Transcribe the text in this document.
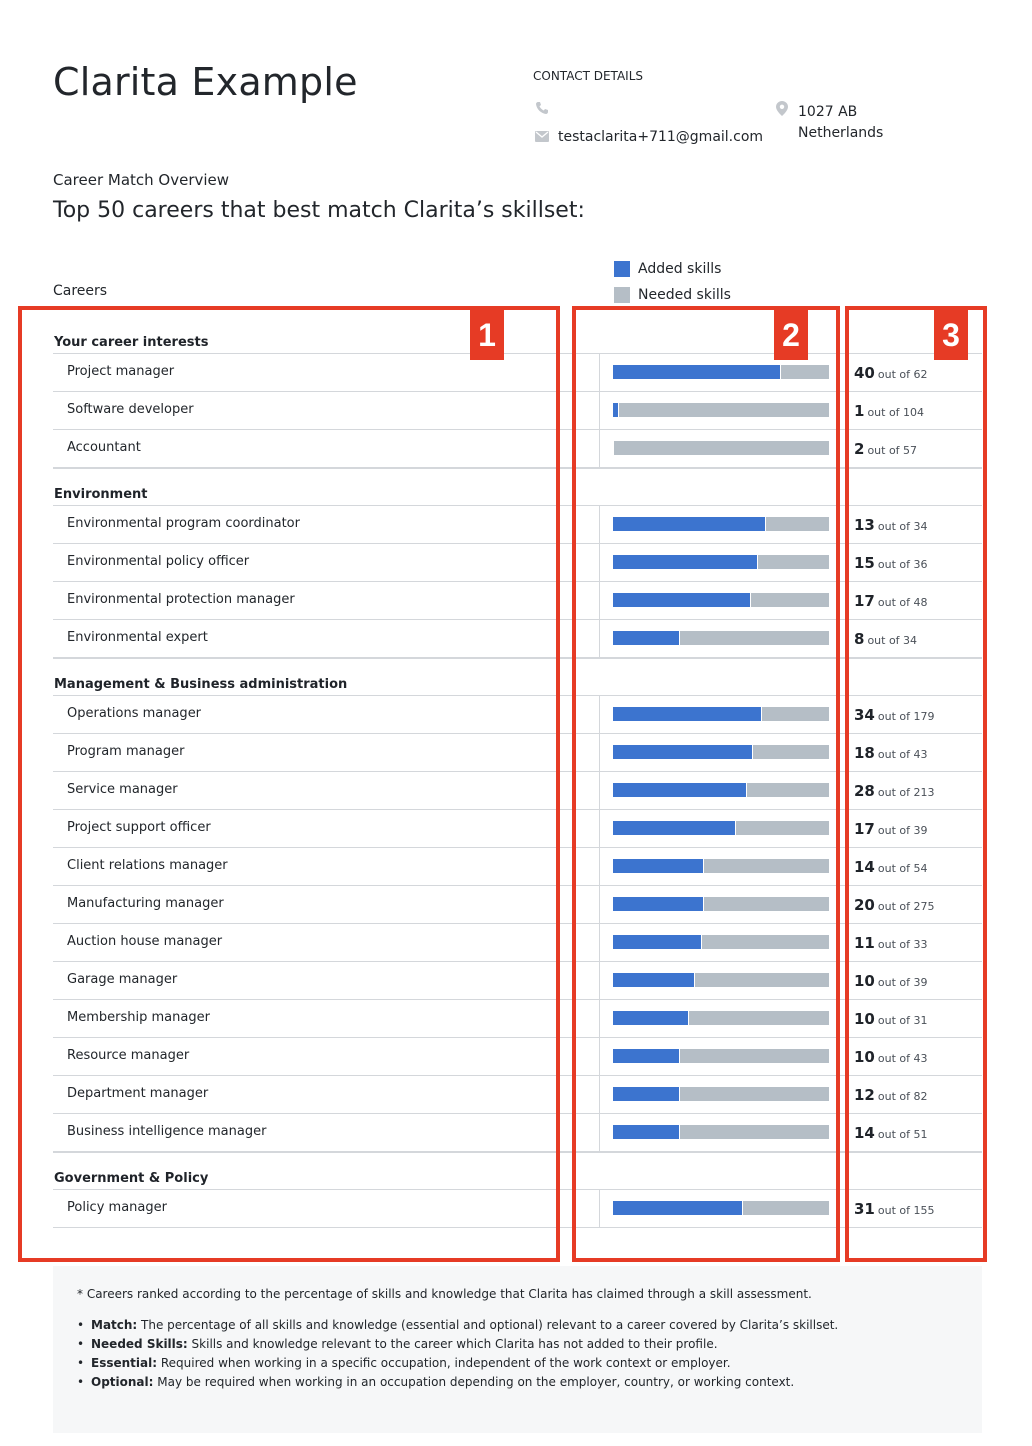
Clarita Example	CONTACT DETAILS
testaclarita+711@gmail.com
1027 AB
Netherlands
Career Match Overview
Top 50 careers that best match Clarita’s skillset:
Added skills
Needed skills
Careers
Your career interests
Project manager	40 out of 62
Software developer	1 out of 104
Accountant	2 out of 57
Environment
Environmental program coordinator	13 out of 34
Environmental policy officer	15 out of 36
Environmental protection manager	17 out of 48
Environmental expert	8 out of 34
Management & Business administration
Operations manager	34 out of 179
Program manager	18 out of 43
Service manager	28 out of 213
Project support officer	17 out of 39
Client relations manager	14 out of 54
Manufacturing manager	20 out of 275
Auction house manager	11 out of 33
Garage manager	10 out of 39
Membership manager	10 out of 31
Resource manager	10 out of 43
Department manager	12 out of 82
Business intelligence manager	14 out of 51
Government & Policy
Policy manager	31 out of 155
* Careers ranked according to the percentage of skills and knowledge that Clarita has claimed through a skill assessment.
• Match: The percentage of all skills and knowledge (essential and optional) relevant to a career covered by Clarita’s skillset.
• Needed Skills: Skills and knowledge relevant to the career which Clarita has not added to their profile.
• Essential: Required when working in a specific occupation, independent of the work context or employer.
• Optional: May be required when working in an occupation depending on the employer, country, or working context.
1	2	3
